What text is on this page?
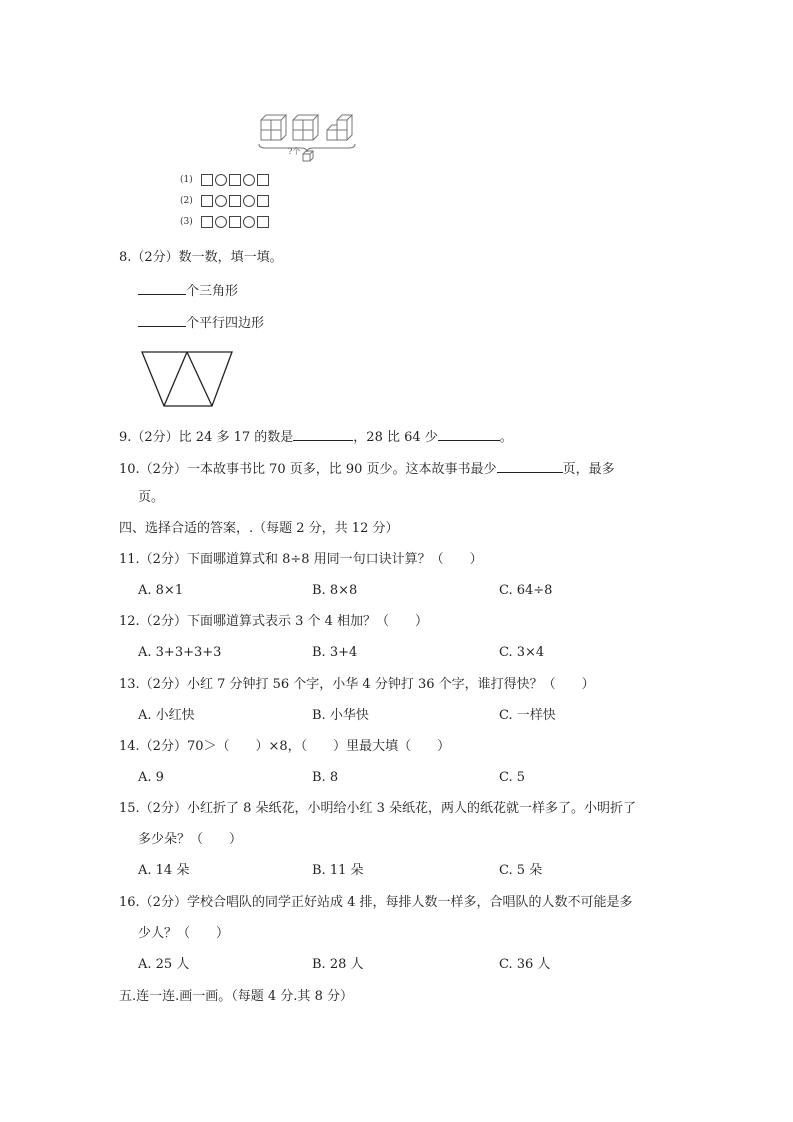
?个
(1)
(2)
(3)
8.（2分）数一数，填一填。
个三角形
个平行四边形
9.（2分）比 24 多 17 的数是	，28 比 64 少	。
10.（2分）一本故事书比 70 页多，比 90 页少。这本故事书最少	页，最多
页。
四、选择合适的答案，.（每题 2 分，共 12 分）
11.（2分）下面哪道算式和 8÷8 用同一句口诀计算？（　　）
A. 8×1	B. 8×8	C. 64÷8
12.（2分）下面哪道算式表示 3 个 4 相加？（　　）
A. 3+3+3+3	B. 3+4	C. 3×4
13.（2分）小红 7 分钟打 56 个字，小华 4 分钟打 36 个字，谁打得快？（　　）
A. 小红快	B. 小华快	C. 一样快
14.（2分）70＞（　　）×8，（　　）里最大填（　　）
A. 9	B. 8	C. 5
15.（2分）小红折了 8 朵纸花，小明给小红 3 朵纸花，两人的纸花就一样多了。小明折了
多少朵？（　　）
A. 14 朵	B. 11 朵	C. 5 朵
16.（2分）学校合唱队的同学正好站成 4 排，每排人数一样多，合唱队的人数不可能是多
少人？（　　）
A. 25 人	B. 28 人	C. 36 人
五.连一连.画一画。（每题 4 分.其 8 分）
